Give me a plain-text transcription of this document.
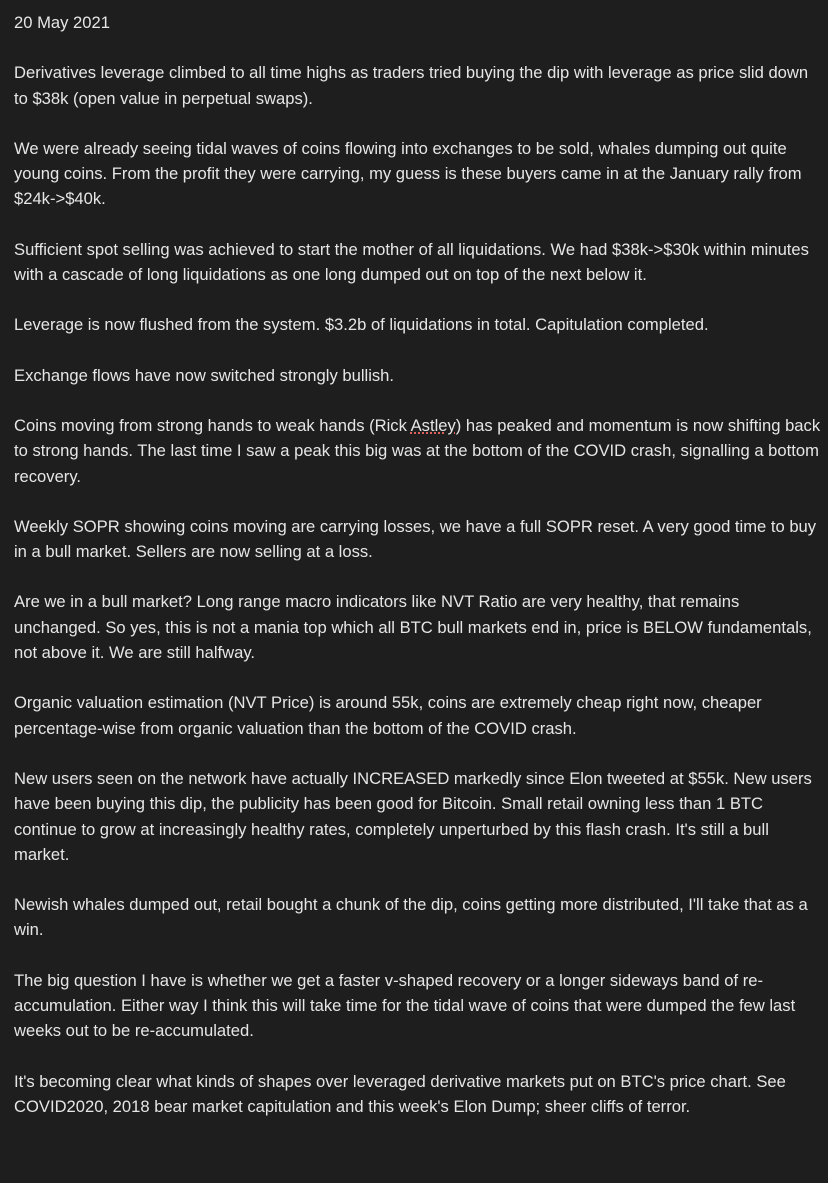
20 May 2021
Derivatives leverage climbed to all time highs as traders tried buying the dip with leverage as price slid down to $38k (open value in perpetual swaps).
We were already seeing tidal waves of coins flowing into exchanges to be sold, whales dumping out quite young coins. From the profit they were carrying, my guess is these buyers came in at the January rally from $24k->$40k.
Sufficient spot selling was achieved to start the mother of all liquidations. We had $38k->$30k within minutes with a cascade of long liquidations as one long dumped out on top of the next below it.
Leverage is now flushed from the system. $3.2b of liquidations in total. Capitulation completed.
Exchange flows have now switched strongly bullish.
Coins moving from strong hands to weak hands (Rick Astley) has peaked and momentum is now shifting back to strong hands. The last time I saw a peak this big was at the bottom of the COVID crash, signalling a bottom recovery.
Weekly SOPR showing coins moving are carrying losses, we have a full SOPR reset. A very good time to buy in a bull market. Sellers are now selling at a loss.
Are we in a bull market? Long range macro indicators like NVT Ratio are very healthy, that remains unchanged. So yes, this is not a mania top which all BTC bull markets end in, price is BELOW fundamentals, not above it. We are still halfway.
Organic valuation estimation (NVT Price) is around 55k, coins are extremely cheap right now, cheaper percentage-wise from organic valuation than the bottom of the COVID crash.
New users seen on the network have actually INCREASED markedly since Elon tweeted at $55k. New users have been buying this dip, the publicity has been good for Bitcoin. Small retail owning less than 1 BTC continue to grow at increasingly healthy rates, completely unperturbed by this flash crash. It's still a bull market.
Newish whales dumped out, retail bought a chunk of the dip, coins getting more distributed, I'll take that as a win.
The big question I have is whether we get a faster v-shaped recovery or a longer sideways band of re-accumulation. Either way I think this will take time for the tidal wave of coins that were dumped the few last weeks out to be re-accumulated.
It's becoming clear what kinds of shapes over leveraged derivative markets put on BTC's price chart. See COVID2020, 2018 bear market capitulation and this week's Elon Dump; sheer cliffs of terror.
